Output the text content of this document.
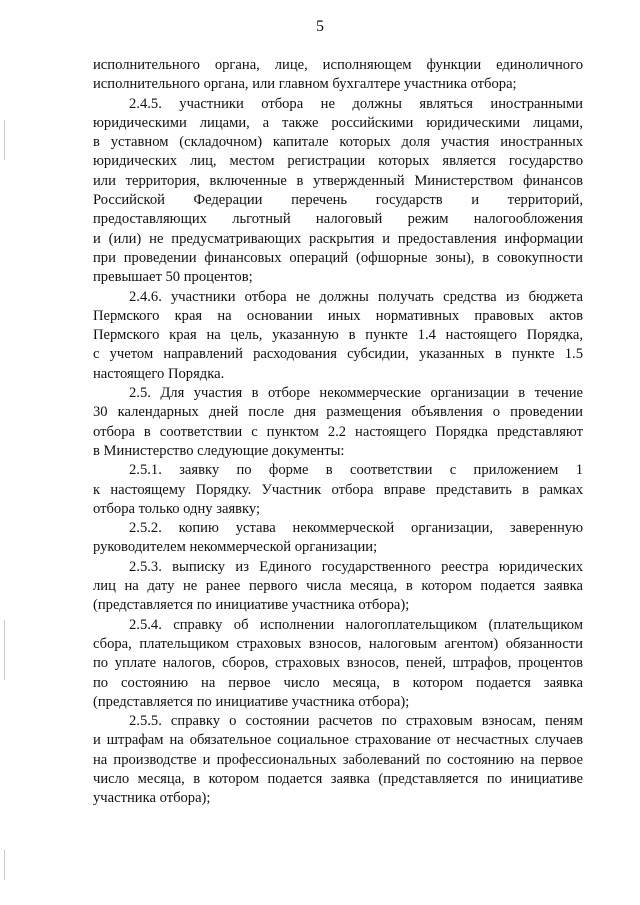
5
исполнительного органа, лице, исполняющем функции единоличного
исполнительного органа, или главном бухгалтере участника отбора;
2.4.5. участники отбора не должны являться иностранными
юридическими лицами, а также российскими юридическими лицами,
в уставном (складочном) капитале которых доля участия иностранных
юридических лиц, местом регистрации которых является государство
или территория, включенные в утвержденный Министерством финансов
Российской Федерации перечень государств и территорий,
предоставляющих льготный налоговый режим налогообложения
и (или) не предусматривающих раскрытия и предоставления информации
при проведении финансовых операций (офшорные зоны), в совокупности
превышает 50 процентов;
2.4.6. участники отбора не должны получать средства из бюджета
Пермского края на основании иных нормативных правовых актов
Пермского края на цель, указанную в пункте 1.4 настоящего Порядка,
с учетом направлений расходования субсидии, указанных в пункте 1.5
настоящего Порядка.
2.5. Для участия в отборе некоммерческие организации в течение
30 календарных дней после дня размещения объявления о проведении
отбора в соответствии с пунктом 2.2 настоящего Порядка представляют
в Министерство следующие документы:
2.5.1. заявку по форме в соответствии с приложением 1
к настоящему Порядку. Участник отбора вправе представить в рамках
отбора только одну заявку;
2.5.2. копию устава некоммерческой организации, заверенную
руководителем некоммерческой организации;
2.5.3. выписку из Единого государственного реестра юридических
лиц на дату не ранее первого числа месяца, в котором подается заявка
(представляется по инициативе участника отбора);
2.5.4. справку об исполнении налогоплательщиком (плательщиком
сбора, плательщиком страховых взносов, налоговым агентом) обязанности
по уплате налогов, сборов, страховых взносов, пеней, штрафов, процентов
по состоянию на первое число месяца, в котором подается заявка
(представляется по инициативе участника отбора);
2.5.5. справку о состоянии расчетов по страховым взносам, пеням
и штрафам на обязательное социальное страхование от несчастных случаев
на производстве и профессиональных заболеваний по состоянию на первое
число месяца, в котором подается заявка (представляется по инициативе
участника отбора);
